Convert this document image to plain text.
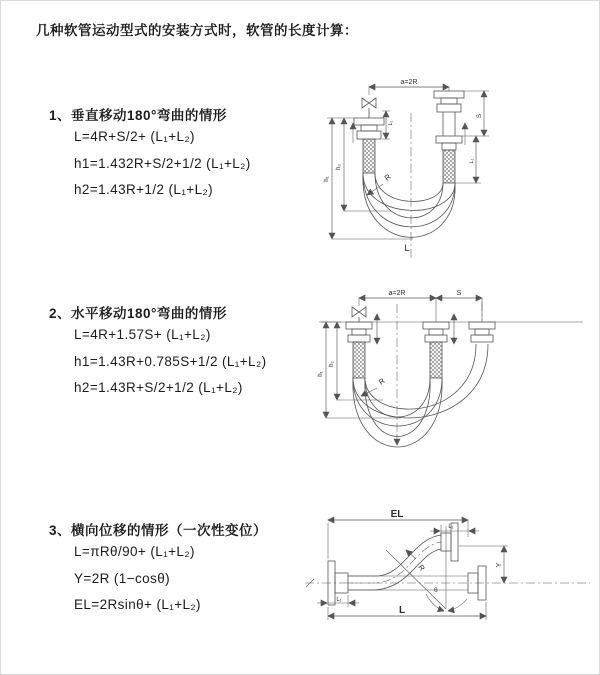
几种软管运动型式的安装方式时，软管的长度计算：
1、垂直移动180°弯曲的情形
L=4R+S/2+ (L₁+L₂)
h1=1.432R+S/2+1/2 (L₁+L₂)
h2=1.43R+1/2 (L₁+L₂)
2、水平移动180°弯曲的情形
L=4R+1.57S+ (L₁+L₂)
h1=1.43R+0.785S+1/2 (L₁+L₂)
h2=1.43R+S/2+1/2 (L₁+L₂)
3、横向位移的情形（一次性变位）
L=πRθ/90+ (L₁+L₂)
Y=2R (1−cosθ)
EL=2Rsinθ+ (L₁+L₂)
a=2R
L₁
S
L₁
h₁
h₂
R
L
a=2R	S
h₁
h₂
R
θ
R
EL
L₁
Y
L
L₁
